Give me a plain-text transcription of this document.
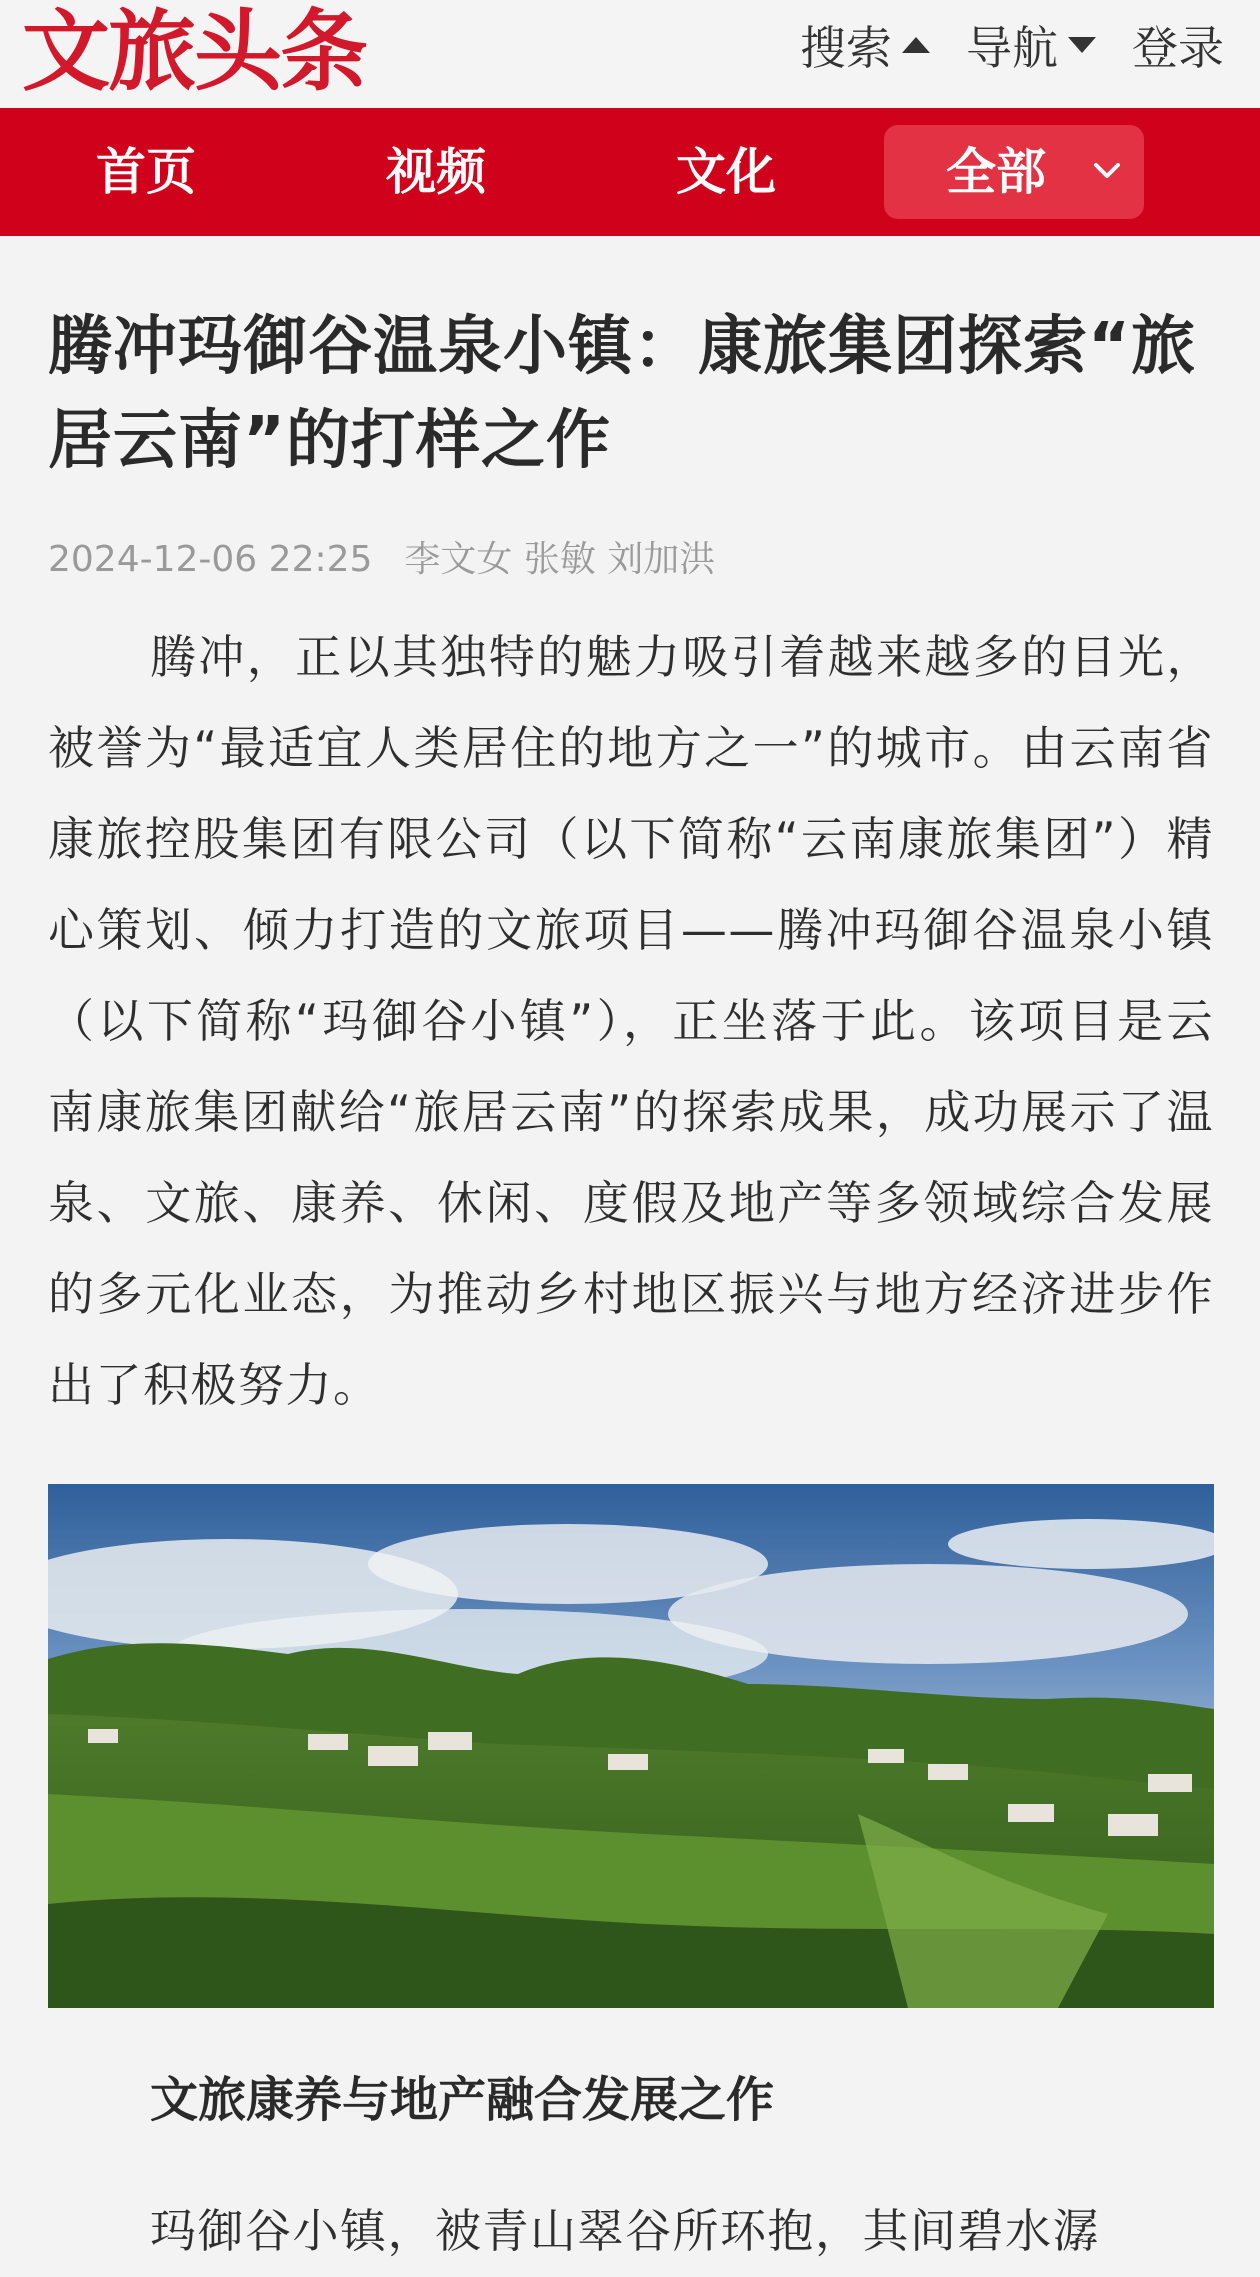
文旅头条	搜索 导航 登录
首页	视频	文化	全部
腾冲玛御谷温泉小镇：康旅集团探索“旅居云南”的打样之作
2024-12-06 22:25 李文女 张敏 刘加洪

腾冲，正以其独特的魅力吸引着越来越多的目光，被誉为“最适宜人类居住的地方之一”的城市。由云南省康旅控股集团有限公司（以下简称“云南康旅集团”）精心策划、倾力打造的文旅项目——腾冲玛御谷温泉小镇（以下简称“玛御谷小镇”），正坐落于此。该项目是云南康旅集团献给“旅居云南”的探索成果，成功展示了温泉、文旅、康养、休闲、度假及地产等多领域综合发展的多元化业态，为推动乡村地区振兴与地方经济进步作出了积极努力。

文旅康养与地产融合发展之作

玛御谷小镇，被青山翠谷所环抱，其间碧水潺
